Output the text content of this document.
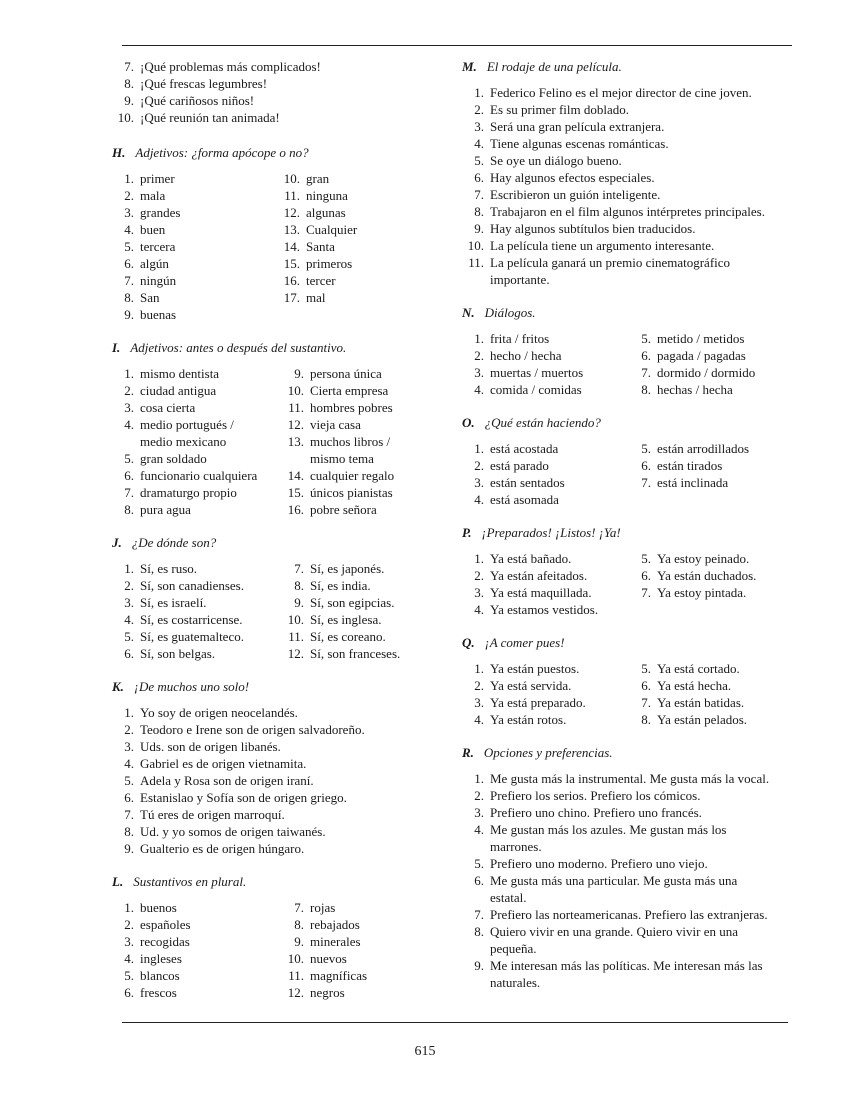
7. ¡Qué problemas más complicados!
8. ¡Qué frescas legumbres!
9. ¡Qué cariñosos niños!
10. ¡Qué reunión tan animada!
H. Adjetivos: ¿forma apócope o no?
1. primer
2. mala
3. grandes
4. buen
5. tercera
6. algún
7. ningún
8. San
9. buenas
10. gran
11. ninguna
12. algunas
13. Cualquier
14. Santa
15. primeros
16. tercer
17. mal
I. Adjetivos: antes o después del sustantivo.
1. mismo dentista
2. ciudad antigua
3. cosa cierta
4. medio portugués /
medio mexicano
5. gran soldado
6. funcionario cualquiera
7. dramaturgo propio
8. pura agua
9. persona única
10. Cierta empresa
11. hombres pobres
12. vieja casa
13. muchos libros /
mismo tema
14. cualquier regalo
15. únicos pianistas
16. pobre señora
J. ¿De dónde son?
1. Sí, es ruso.
2. Sí, son canadienses.
3. Sí, es israelí.
4. Sí, es costarricense.
5. Sí, es guatemalteco.
6. Sí, son belgas.
7. Sí, es japonés.
8. Sí, es india.
9. Sí, son egipcias.
10. Sí, es inglesa.
11. Sí, es coreano.
12. Sí, son franceses.
K. ¡De muchos uno solo!
1. Yo soy de origen neocelandés.
2. Teodoro e Irene son de origen salvadoreño.
3. Uds. son de origen libanés.
4. Gabriel es de origen vietnamita.
5. Adela y Rosa son de origen iraní.
6. Estanislao y Sofía son de origen griego.
7. Tú eres de origen marroquí.
8. Ud. y yo somos de origen taiwanés.
9. Gualterio es de origen húngaro.
L. Sustantivos en plural.
1. buenos
2. españoles
3. recogidas
4. ingleses
5. blancos
6. frescos
7. rojas
8. rebajados
9. minerales
10. nuevos
11. magníficas
12. negros
M. El rodaje de una película.
1. Federico Felino es el mejor director de cine joven.
2. Es su primer film doblado.
3. Será una gran película extranjera.
4. Tiene algunas escenas románticas.
5. Se oye un diálogo bueno.
6. Hay algunos efectos especiales.
7. Escribieron un guión inteligente.
8. Trabajaron en el film algunos intérpretes principales.
9. Hay algunos subtítulos bien traducidos.
10. La película tiene un argumento interesante.
11. La película ganará un premio cinematográfico
importante.
N. Diálogos.
1. frita / fritos
2. hecho / hecha
3. muertas / muertos
4. comida / comidas
5. metido / metidos
6. pagada / pagadas
7. dormido / dormido
8. hechas / hecha
O. ¿Qué están haciendo?
1. está acostada
2. está parado
3. están sentados
4. está asomada
5. están arrodillados
6. están tirados
7. está inclinada
P. ¡Preparados! ¡Listos! ¡Ya!
1. Ya está bañado.
2. Ya están afeitados.
3. Ya está maquillada.
4. Ya estamos vestidos.
5. Ya estoy peinado.
6. Ya están duchados.
7. Ya estoy pintada.
Q. ¡A comer pues!
1. Ya están puestos.
2. Ya está servida.
3. Ya está preparado.
4. Ya están rotos.
5. Ya está cortado.
6. Ya está hecha.
7. Ya están batidas.
8. Ya están pelados.
R. Opciones y preferencias.
1. Me gusta más la instrumental. Me gusta más la vocal.
2. Prefiero los serios. Prefiero los cómicos.
3. Prefiero uno chino. Prefiero uno francés.
4. Me gustan más los azules. Me gustan más los
marrones.
5. Prefiero uno moderno. Prefiero uno viejo.
6. Me gusta más una particular. Me gusta más una
estatal.
7. Prefiero las norteamericanas. Prefiero las extranjeras.
8. Quiero vivir en una grande. Quiero vivir en una
pequeña.
9. Me interesan más las políticas. Me interesan más las
naturales.
615
